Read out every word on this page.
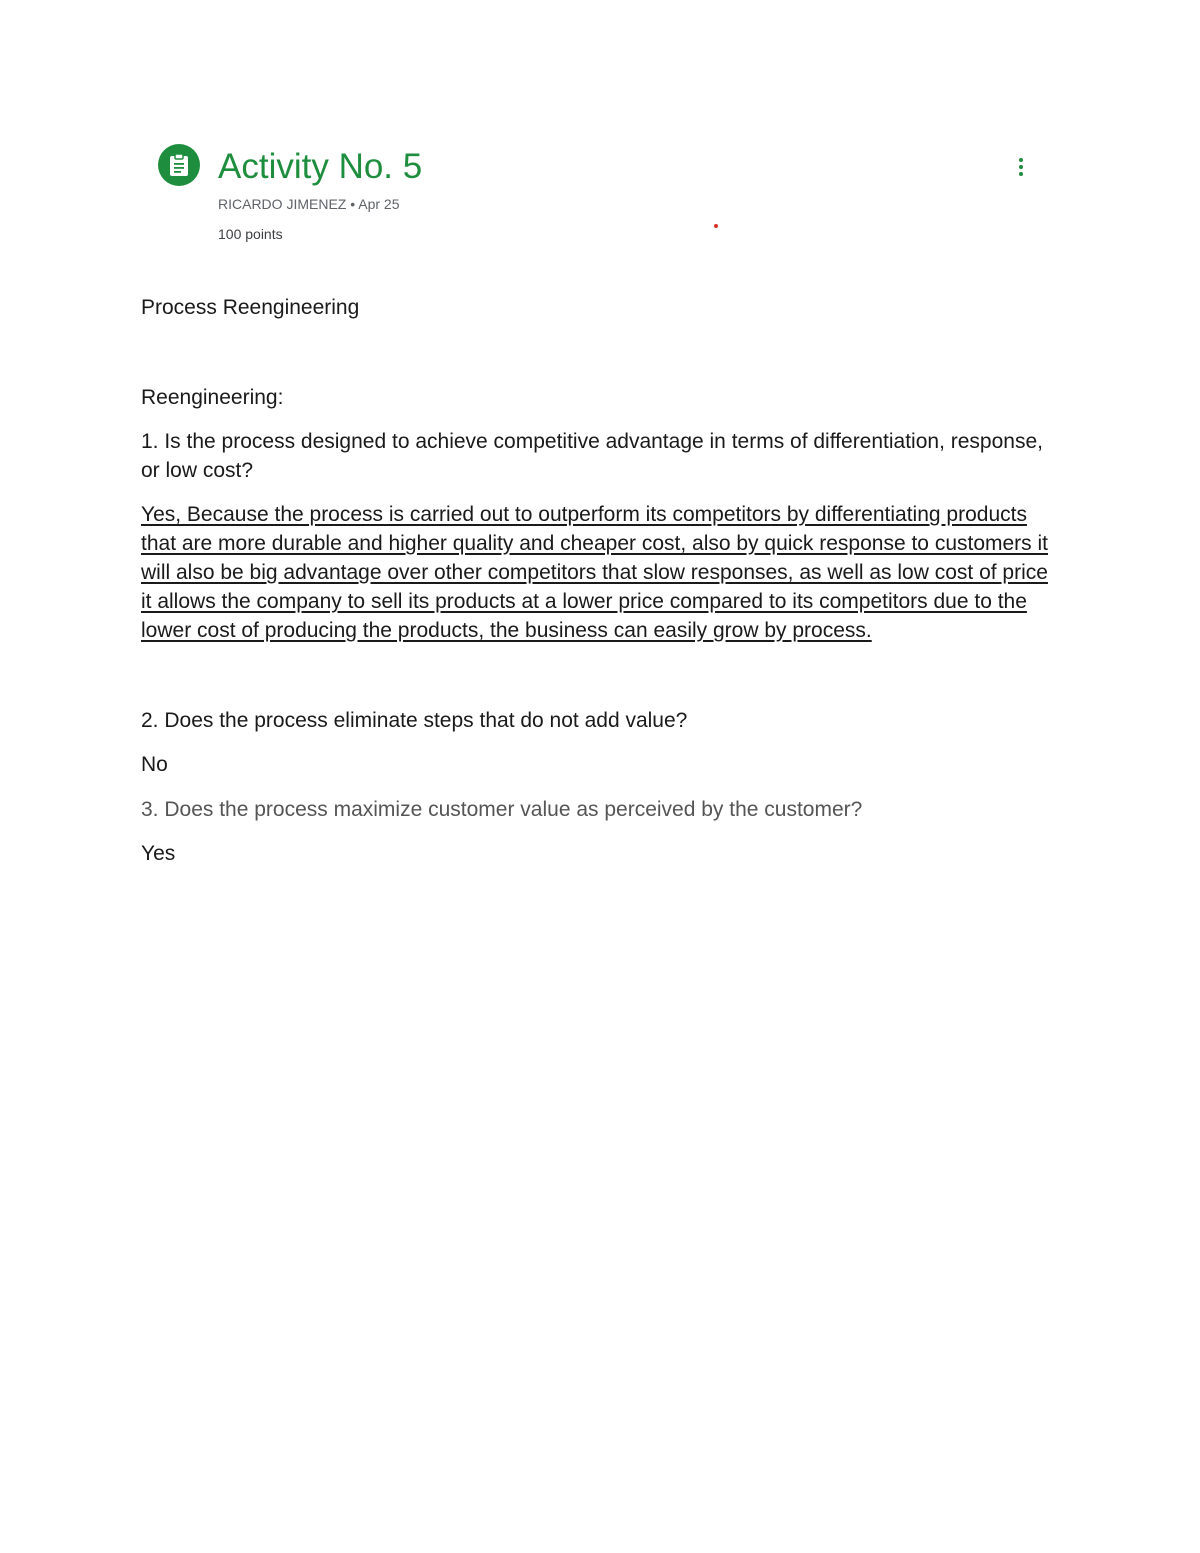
Activity No. 5
RICARDO JIMENEZ • Apr 25
100 points

Process Reengineering

Reengineering:

1. Is the process designed to achieve competitive advantage in terms of differentiation, response, or low cost?

Yes, Because the process is carried out to outperform its competitors by differentiating products that are more durable and higher quality and cheaper cost, also by quick response to customers it will also be big advantage over other competitors that slow responses, as well as low cost of price it allows the company to sell its products at a lower price compared to its competitors due to the lower cost of producing the products, the business can easily grow by process.

2. Does the process eliminate steps that do not add value?

No

3. Does the process maximize customer value as perceived by the customer?

Yes
